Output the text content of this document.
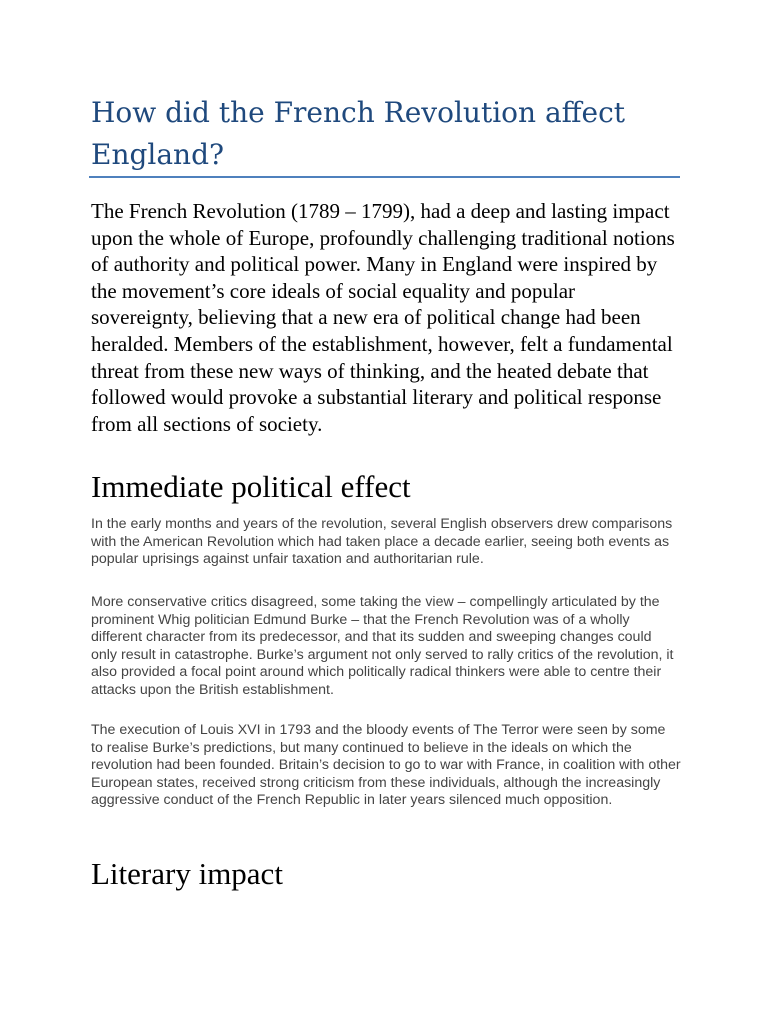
How did the French Revolution affect England?

The French Revolution (1789 – 1799), had a deep and lasting impact upon the whole of Europe, profoundly challenging traditional notions of authority and political power. Many in England were inspired by the movement’s core ideals of social equality and popular sovereignty, believing that a new era of political change had been heralded. Members of the establishment, however, felt a fundamental threat from these new ways of thinking, and the heated debate that followed would provoke a substantial literary and political response from all sections of society.

Immediate political effect

In the early months and years of the revolution, several English observers drew comparisons with the American Revolution which had taken place a decade earlier, seeing both events as popular uprisings against unfair taxation and authoritarian rule.

More conservative critics disagreed, some taking the view – compellingly articulated by the prominent Whig politician Edmund Burke – that the French Revolution was of a wholly different character from its predecessor, and that its sudden and sweeping changes could only result in catastrophe. Burke’s argument not only served to rally critics of the revolution, it also provided a focal point around which politically radical thinkers were able to centre their attacks upon the British establishment.

The execution of Louis XVI in 1793 and the bloody events of The Terror were seen by some to realise Burke’s predictions, but many continued to believe in the ideals on which the revolution had been founded. Britain’s decision to go to war with France, in coalition with other European states, received strong criticism from these individuals, although the increasingly aggressive conduct of the French Republic in later years silenced much opposition.

Literary impact
